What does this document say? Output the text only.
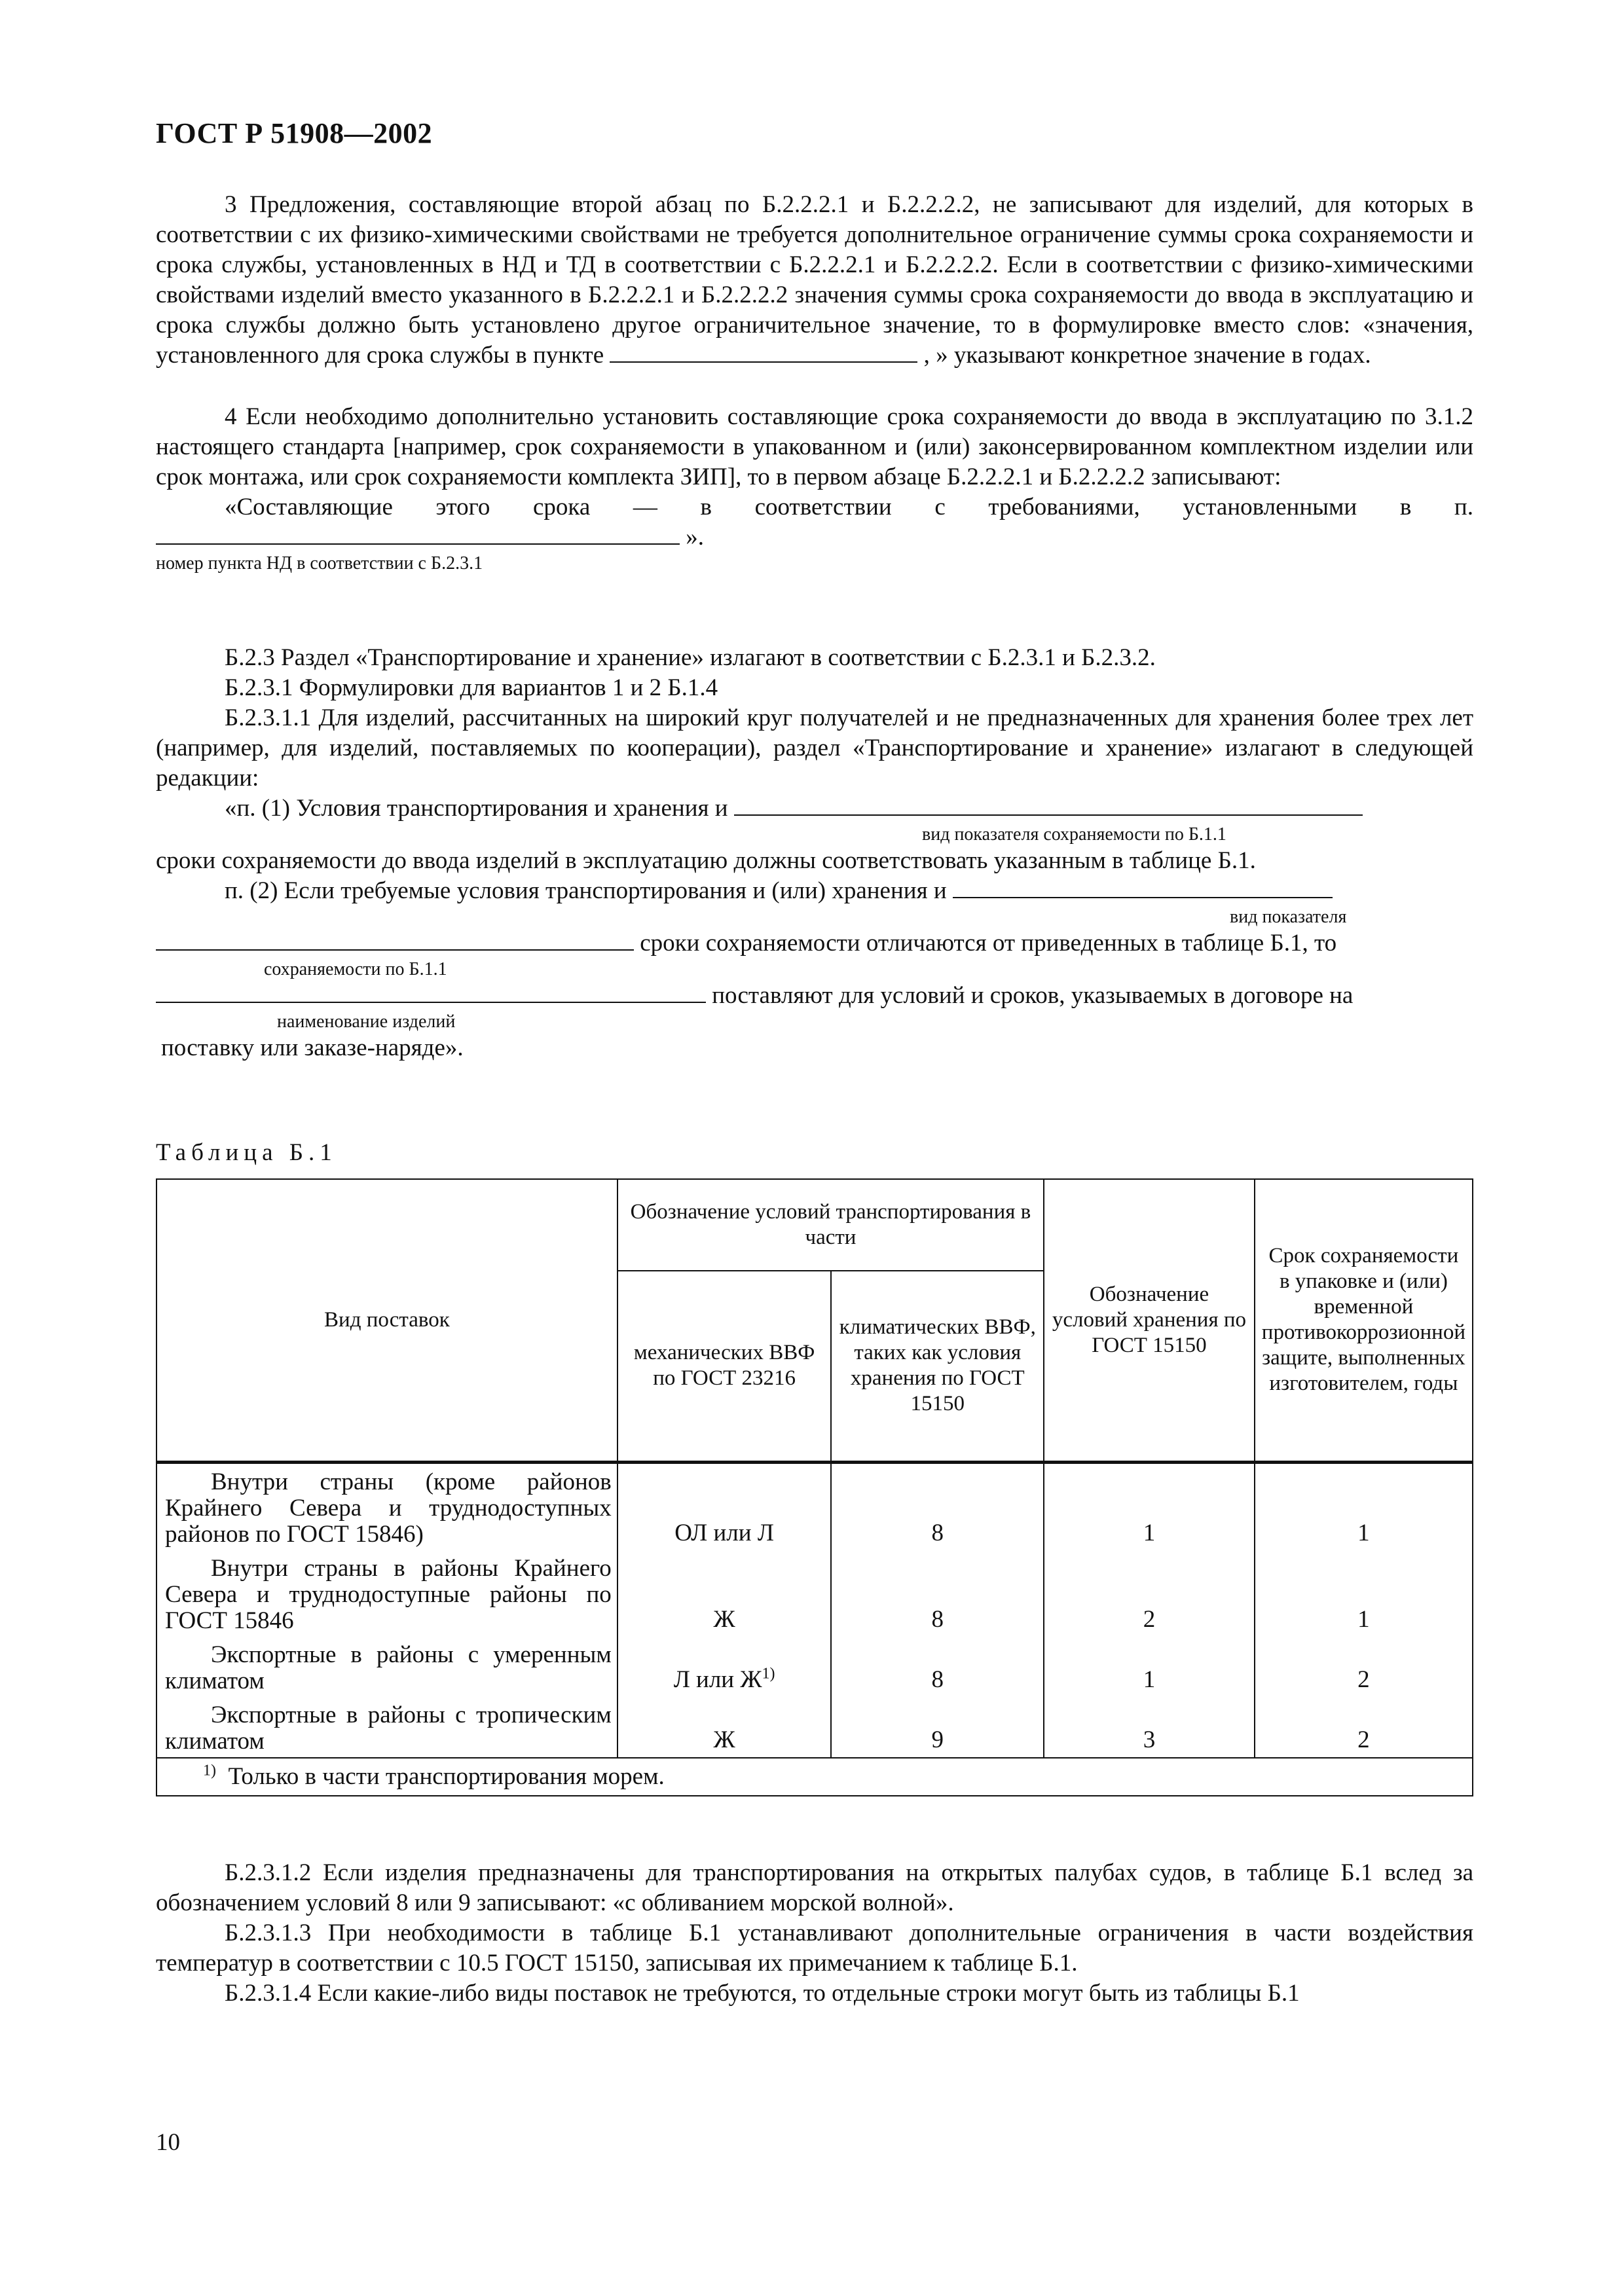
ГОСТ Р 51908—2002

3 Предложения, составляющие второй абзац по Б.2.2.2.1 и Б.2.2.2.2, не записывают для изделий, для которых в соответствии с их физико-химическими свойствами не требуется дополнительное ограничение суммы срока сохраняемости и срока службы, установленных в НД и ТД в соответствии с Б.2.2.2.1 и Б.2.2.2.2. Если в соответствии с физико-химическими свойствами изделий вместо указанного в Б.2.2.2.1 и Б.2.2.2.2 значения суммы срока сохраняемости до ввода в эксплуатацию и срока службы должно быть установлено другое ограничительное значение, то в формулировке вместо слов: «значения, установленного для срока службы в пункте	, » указывают конкретное значение в годах.

4 Если необходимо дополнительно установить составляющие срока сохраняемости до ввода в эксплуатацию по 3.1.2 настоящего стандарта [например, срок сохраняемости в упакованном и (или) законсервированном комплектном изделии или срок монтажа, или срок сохраняемости комплекта ЗИП], то в первом абзаце Б.2.2.2.1 и Б.2.2.2.2 записывают:

«Составляющие этого срока — в соответствии с требованиями, установленными в п.

».

номер пункта НД в соответствии с Б.2.3.1

Б.2.3 Раздел «Транспортирование и хранение» излагают в соответствии с Б.2.3.1 и Б.2.3.2.

Б.2.3.1 Формулировки для вариантов 1 и 2 Б.1.4

Б.2.3.1.1 Для изделий, рассчитанных на широкий круг получателей и не предназначенных для хранения более трех лет (например, для изделий, поставляемых по кооперации), раздел «Транспортирование и хранение» излагают в следующей редакции:

«п. (1) Условия транспортирования и хранения и

вид показателя сохраняемости по Б.1.1

сроки сохраняемости до ввода изделий в эксплуатацию должны соответствовать указанным в таблице Б.1.

п. (2) Если требуемые условия транспортирования и (или) хранения и

вид показателя

сроки сохраняемости отличаются от приведенных в таблице Б.1, то

сохраняемости по Б.1.1

поставляют для условий и сроков, указываемых в договоре на

наименование изделий

поставку или заказе-наряде».

Таблица Б.1
Вид поставок	Обозначение условий транспортирования в части		Обозначение условий хранения по ГОСТ 15150	Срок сохраняемости в упаковке и (или) временной противокоррозионной защите, выполненных изготовителем, годы
	механических ВВФ по ГОСТ 23216	климатических ВВФ, таких как условия хранения по ГОСТ 15150		
Внутри страны (кроме районов Крайнего Севера и труднодоступных районов по ГОСТ 15846)	ОЛ или Л	8	1	1
Внутри страны в районы Крайнего Севера и труднодоступные районы по ГОСТ 15846	Ж	8	2	1
Экспортные в районы с умеренным климатом	Л или $Ж^{1)}$	8	1	2
Экспортные в районы с тропическим климатом	Ж	9	3	2
$^{1)}$ Только в части транспортирования морем.				

Б.2.3.1.2 Если изделия предназначены для транспортирования на открытых палубах судов, в таблице Б.1 вслед за обозначением условий 8 или 9 записывают: «с обливанием морской волной».

Б.2.3.1.3 При необходимости в таблице Б.1 устанавливают дополнительные ограничения в части воздействия температур в соответствии с 10.5 ГОСТ 15150, записывая их примечанием к таблице Б.1.

Б.2.3.1.4 Если какие-либо виды поставок не требуются, то отдельные строки могут быть из таблицы Б.1

10
